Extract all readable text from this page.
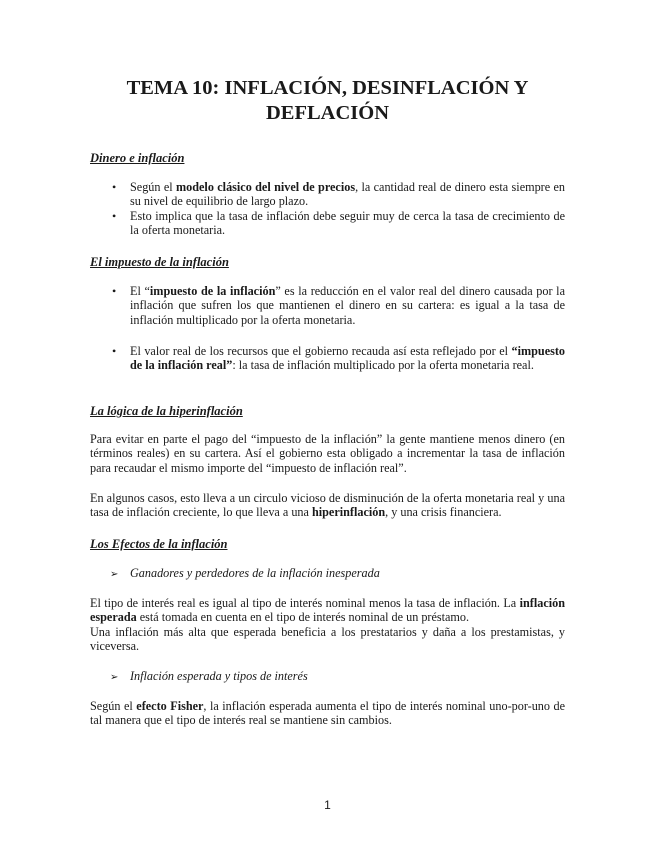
TEMA 10: INFLACIÓN, DESINFLACIÓN Y
DEFLACIÓN
Dinero e inflación
• Según el modelo clásico del nivel de precios, la cantidad real de dinero esta siempre en su nivel de equilibrio de largo plazo.
• Esto implica que la tasa de inflación debe seguir muy de cerca la tasa de crecimiento de la oferta monetaria.
El impuesto de la inflación
• El “impuesto de la inflación” es la reducción en el valor real del dinero causada por la inflación que sufren los que mantienen el dinero en su cartera: es igual a la tasa de inflación multiplicado por la oferta monetaria.
• El valor real de los recursos que el gobierno recauda así esta reflejado por el “impuesto de la inflación real”: la tasa de inflación multiplicado por la oferta monetaria real.
La lógica de la hiperinflación

Para evitar en parte el pago del “impuesto de la inflación” la gente mantiene menos dinero (en términos reales) en su cartera. Así el gobierno esta obligado a incrementar la tasa de inflación para recaudar el mismo importe del “impuesto de inflación real”.

En algunos casos, esto lleva a un circulo vicioso de disminución de la oferta monetaria real y una tasa de inflación creciente, lo que lleva a una hiperinflación, y una crisis financiera.

Los Efectos de la inflación
➢ Ganadores y perdedores de la inflación inesperada

El tipo de interés real es igual al tipo de interés nominal menos la tasa de inflación. La inflación esperada está tomada en cuenta en el tipo de interés nominal de un préstamo.
Una inflación más alta que esperada beneficia a los prestatarios y daña a los prestamistas, y viceversa.

➢ Inflación esperada y tipos de interés

Según el efecto Fisher, la inflación esperada aumenta el tipo de interés nominal uno-por-uno de tal manera que el tipo de interés real se mantiene sin cambios.

1
